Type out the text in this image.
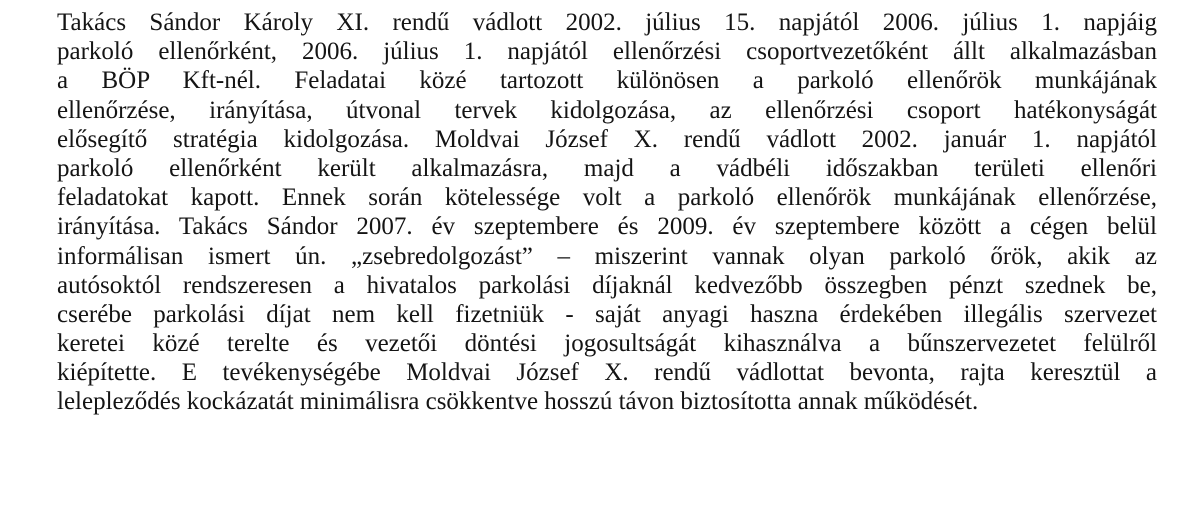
Takács Sándor Károly XI. rendű vádlott 2002. július 15. napjától 2006. július 1. napjáig
parkoló ellenőrként, 2006. július 1. napjától ellenőrzési csoportvezetőként állt alkalmazásban
a BÖP Kft-nél. Feladatai közé tartozott különösen a parkoló ellenőrök munkájának
ellenőrzése, irányítása, útvonal tervek kidolgozása, az ellenőrzési csoport hatékonyságát
elősegítő stratégia kidolgozása. Moldvai József X. rendű vádlott 2002. január 1. napjától
parkoló ellenőrként került alkalmazásra, majd a vádbéli időszakban területi ellenőri
feladatokat kapott. Ennek során kötelessége volt a parkoló ellenőrök munkájának ellenőrzése,
irányítása. Takács Sándor 2007. év szeptembere és 2009. év szeptembere között a cégen belül
informálisan ismert ún. „zsebredolgozást” – miszerint vannak olyan parkoló őrök, akik az
autósoktól rendszeresen a hivatalos parkolási díjaknál kedvezőbb összegben pénzt szednek be,
cserébe parkolási díjat nem kell fizetniük - saját anyagi haszna érdekében illegális szervezet
keretei közé terelte és vezetői döntési jogosultságát kihasználva a bűnszervezetet felülről
kiépítette. E tevékenységébe Moldvai József X. rendű vádlottat bevonta, rajta keresztül a
lelepleződés kockázatát minimálisra csökkentve hosszú távon biztosította annak működését.
